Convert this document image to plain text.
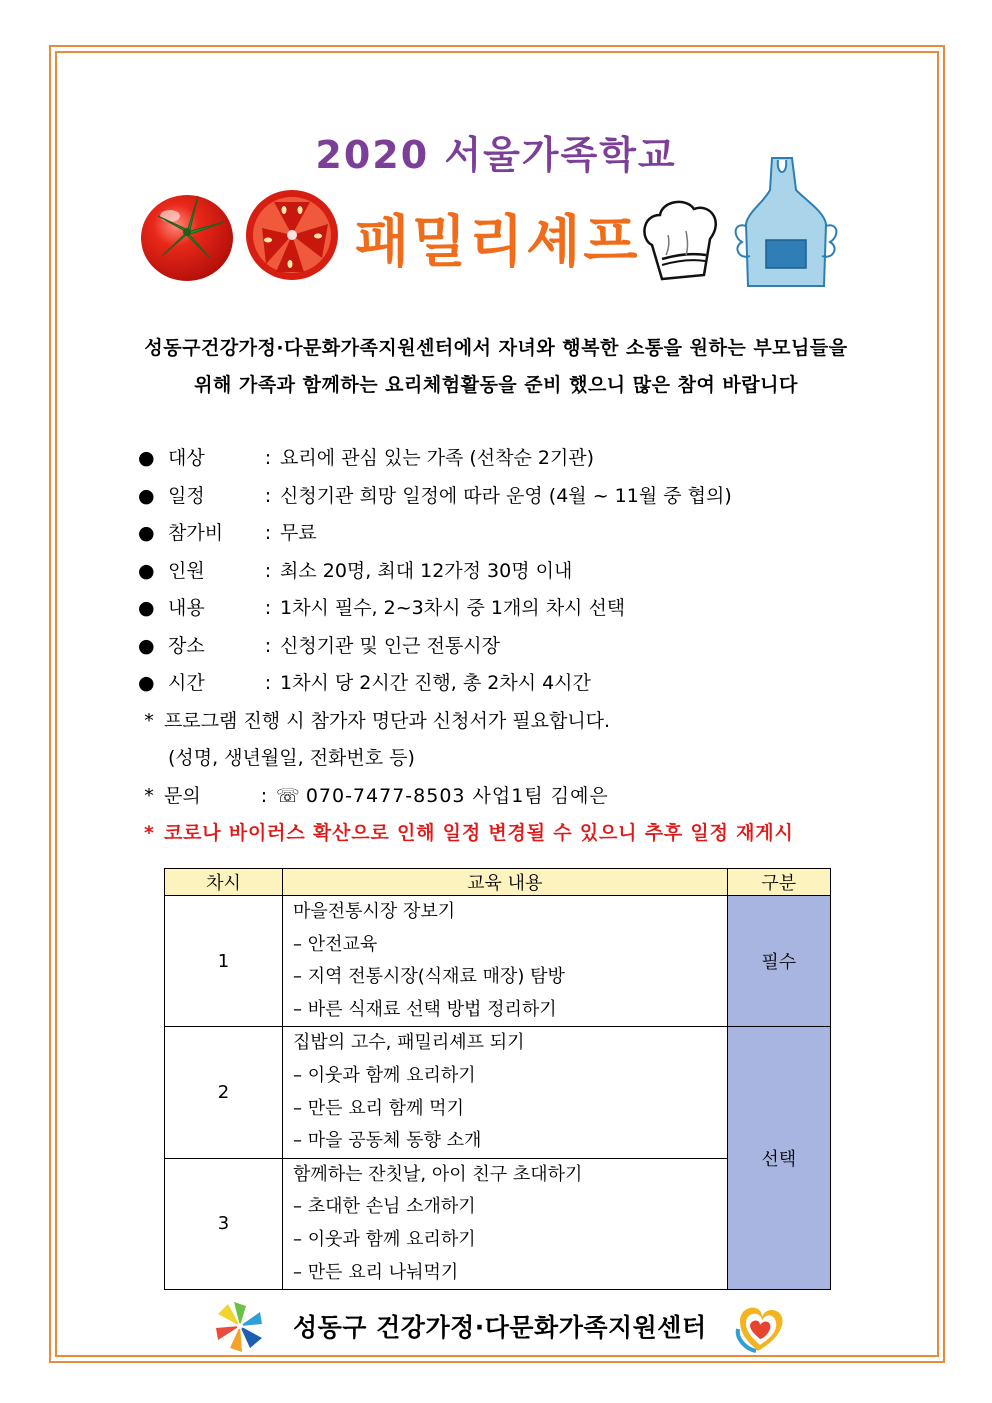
2020 서울가족학교
패밀리셰프
성동구건강가정·다문화가족지원센터에서 자녀와 행복한 소통을 원하는 부모님들을
위해 가족과 함께하는 요리체험활동을 준비 했으니 많은 참여 바랍니다
● 대상	: 요리에 관심 있는 가족 (선착순 2기관)
● 일정	: 신청기관 희망 일정에 따라 운영 (4월 ~ 11월 중 협의)
● 참가비 : 무료
● 인원	: 최소 20명, 최대 12가정 30명 이내
● 내용	: 1차시 필수, 2~3차시 중 1개의 차시 선택
● 장소	: 신청기관 및 인근 전통시장
● 시간	: 1차시 당 2시간 진행, 총 2차시 4시간
* 프로그램 진행 시 참가자 명단과 신청서가 필요합니다.
(성명, 생년월일, 전화번호 등)
* 문의	: ☏ 070-7477-8503 사업1팀 김예은
* 코로나 바이러스 확산으로 인해 일정 변경될 수 있으니 추후 일정 재게시
차시	교육 내용	구분
1	마을전통시장 장보기
– 안전교육
– 지역 전통시장(식재료 매장) 탐방
– 바른 식재료 선택 방법 정리하기	필수
2	집밥의 고수, 패밀리셰프 되기
– 이웃과 함께 요리하기
– 만든 요리 함께 먹기
– 마을 공동체 동향 소개	선택
3	함께하는 잔칫날, 아이 친구 초대하기
– 초대한 손님 소개하기
– 이웃과 함께 요리하기
– 만든 요리 나눠먹기	
성동구 건강가정·다문화가족지원센터
